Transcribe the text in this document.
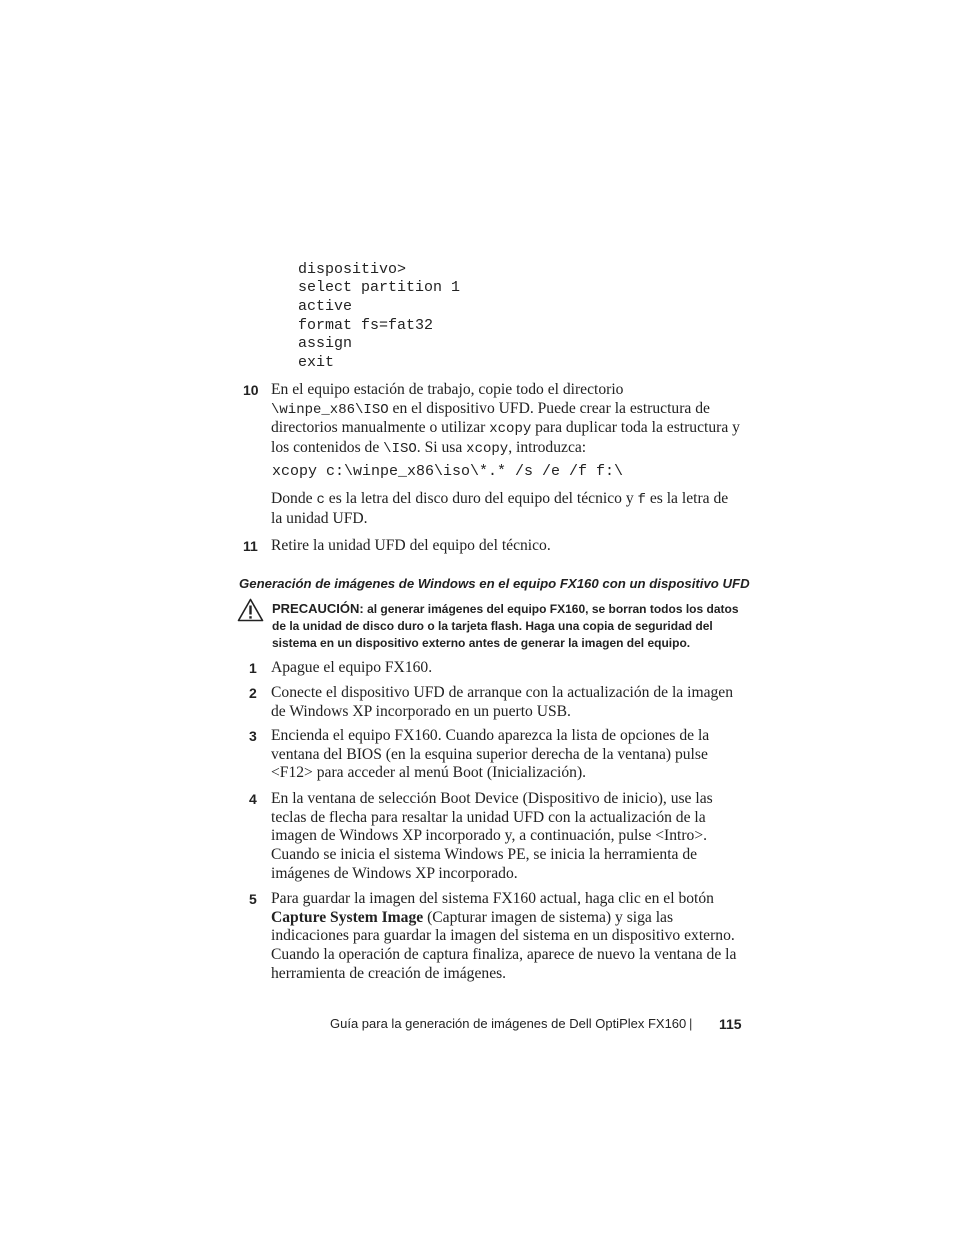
dispositivo>
select partition 1
active
format fs=fat32
assign
exit
10 En el equipo estación de trabajo, copie todo el directorio \winpe_x86\ISO en el dispositivo UFD. Puede crear la estructura de directorios manualmente o utilizar xcopy para duplicar toda la estructura y los contenidos de \ISO. Si usa xcopy, introduzca:
xcopy c:\winpe_x86\iso\*.* /s /e /f f:\
Donde c es la letra del disco duro del equipo del técnico y f es la letra de la unidad UFD.
11 Retire la unidad UFD del equipo del técnico.
Generación de imágenes de Windows en el equipo FX160 con un dispositivo UFD
PRECAUCIÓN: al generar imágenes del equipo FX160, se borran todos los datos de la unidad de disco duro o la tarjeta flash. Haga una copia de seguridad del sistema en un dispositivo externo antes de generar la imagen del equipo.
1 Apague el equipo FX160.
2 Conecte el dispositivo UFD de arranque con la actualización de la imagen de Windows XP incorporado en un puerto USB.
3 Encienda el equipo FX160. Cuando aparezca la lista de opciones de la ventana del BIOS (en la esquina superior derecha de la ventana) pulse <F12> para acceder al menú Boot (Inicialización).
4 En la ventana de selección Boot Device (Dispositivo de inicio), use las teclas de flecha para resaltar la unidad UFD con la actualización de la imagen de Windows XP incorporado y, a continuación, pulse <Intro>. Cuando se inicia el sistema Windows PE, se inicia la herramienta de imágenes de Windows XP incorporado.
5 Para guardar la imagen del sistema FX160 actual, haga clic en el botón Capture System Image (Capturar imagen de sistema) y siga las indicaciones para guardar la imagen del sistema en un dispositivo externo. Cuando la operación de captura finaliza, aparece de nuevo la ventana de la herramienta de creación de imágenes.
Guía para la generación de imágenes de Dell OptiPlex FX160 | 115
